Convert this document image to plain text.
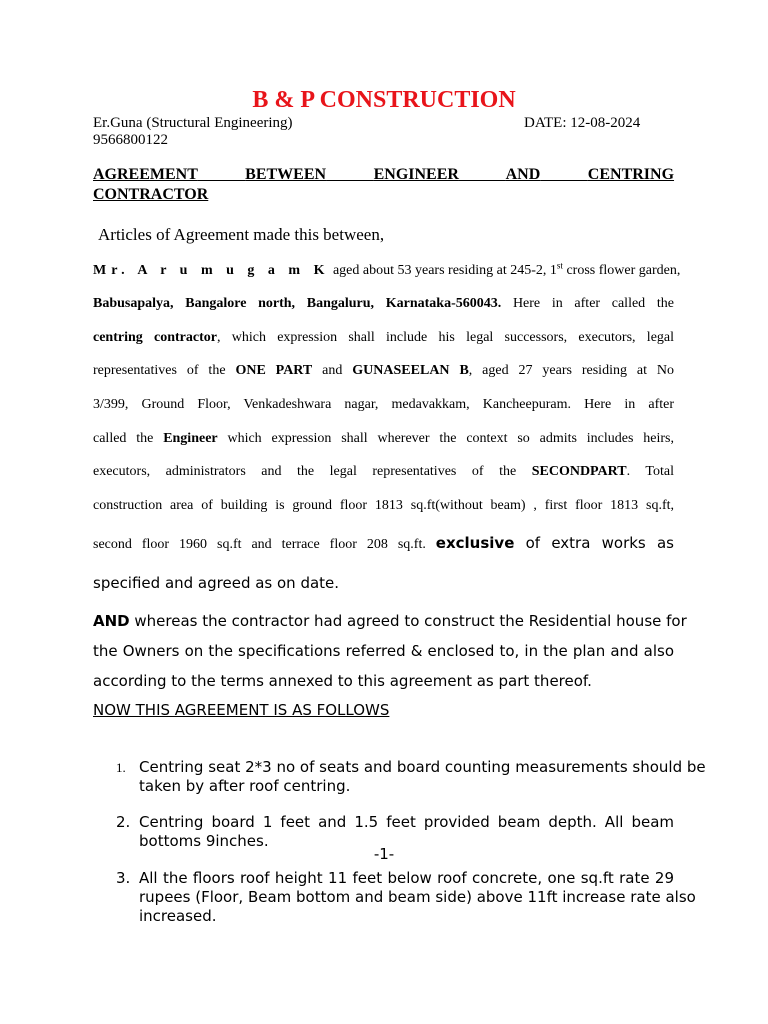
B & P CONSTRUCTION
Er.Guna (Structural Engineering)	DATE: 12-08-2024
9566800122
AGREEMENT	BETWEEN	ENGINEER	AND	CENTRING
CONTRACTOR
Articles of Agreement made this between,
Mr. A r u m u g a m K aged about 53 years residing at 245-2, 1st cross flower garden,
Babusapalya, Bangalore north, Bangaluru, Karnataka-560043. Here in after called the
centring contractor, which expression shall include his legal successors, executors, legal
representatives of the ONE PART and GUNASEELAN B, aged 27 years residing at No
3/399, Ground Floor, Venkadeshwara nagar, medavakkam, Kancheepuram. Here in after
called the Engineer which expression shall wherever the context so admits includes heirs,
executors, administrators and the legal representatives of the SECONDPART. Total
construction area of building is ground floor 1813 sq.ft(without beam) , first floor 1813 sq.ft,
second floor 1960 sq.ft and terrace floor 208 sq.ft. exclusive of extra works as
specified and agreed as on date.
AND whereas the contractor had agreed to construct the Residential house for
the Owners on the specifications referred & enclosed to, in the plan and also
according to the terms annexed to this agreement as part thereof.
NOW THIS AGREEMENT IS AS FOLLOWS
1. Centring seat 2*3 no of seats and board counting measurements should be
taken by after roof centring.
2. Centring board 1 feet and 1.5 feet provided beam depth. All beam
bottoms 9inches.
-1-
3. All the floors roof height 11 feet below roof concrete, one sq.ft rate 29
rupees (Floor, Beam bottom and beam side) above 11ft increase rate also
increased.
